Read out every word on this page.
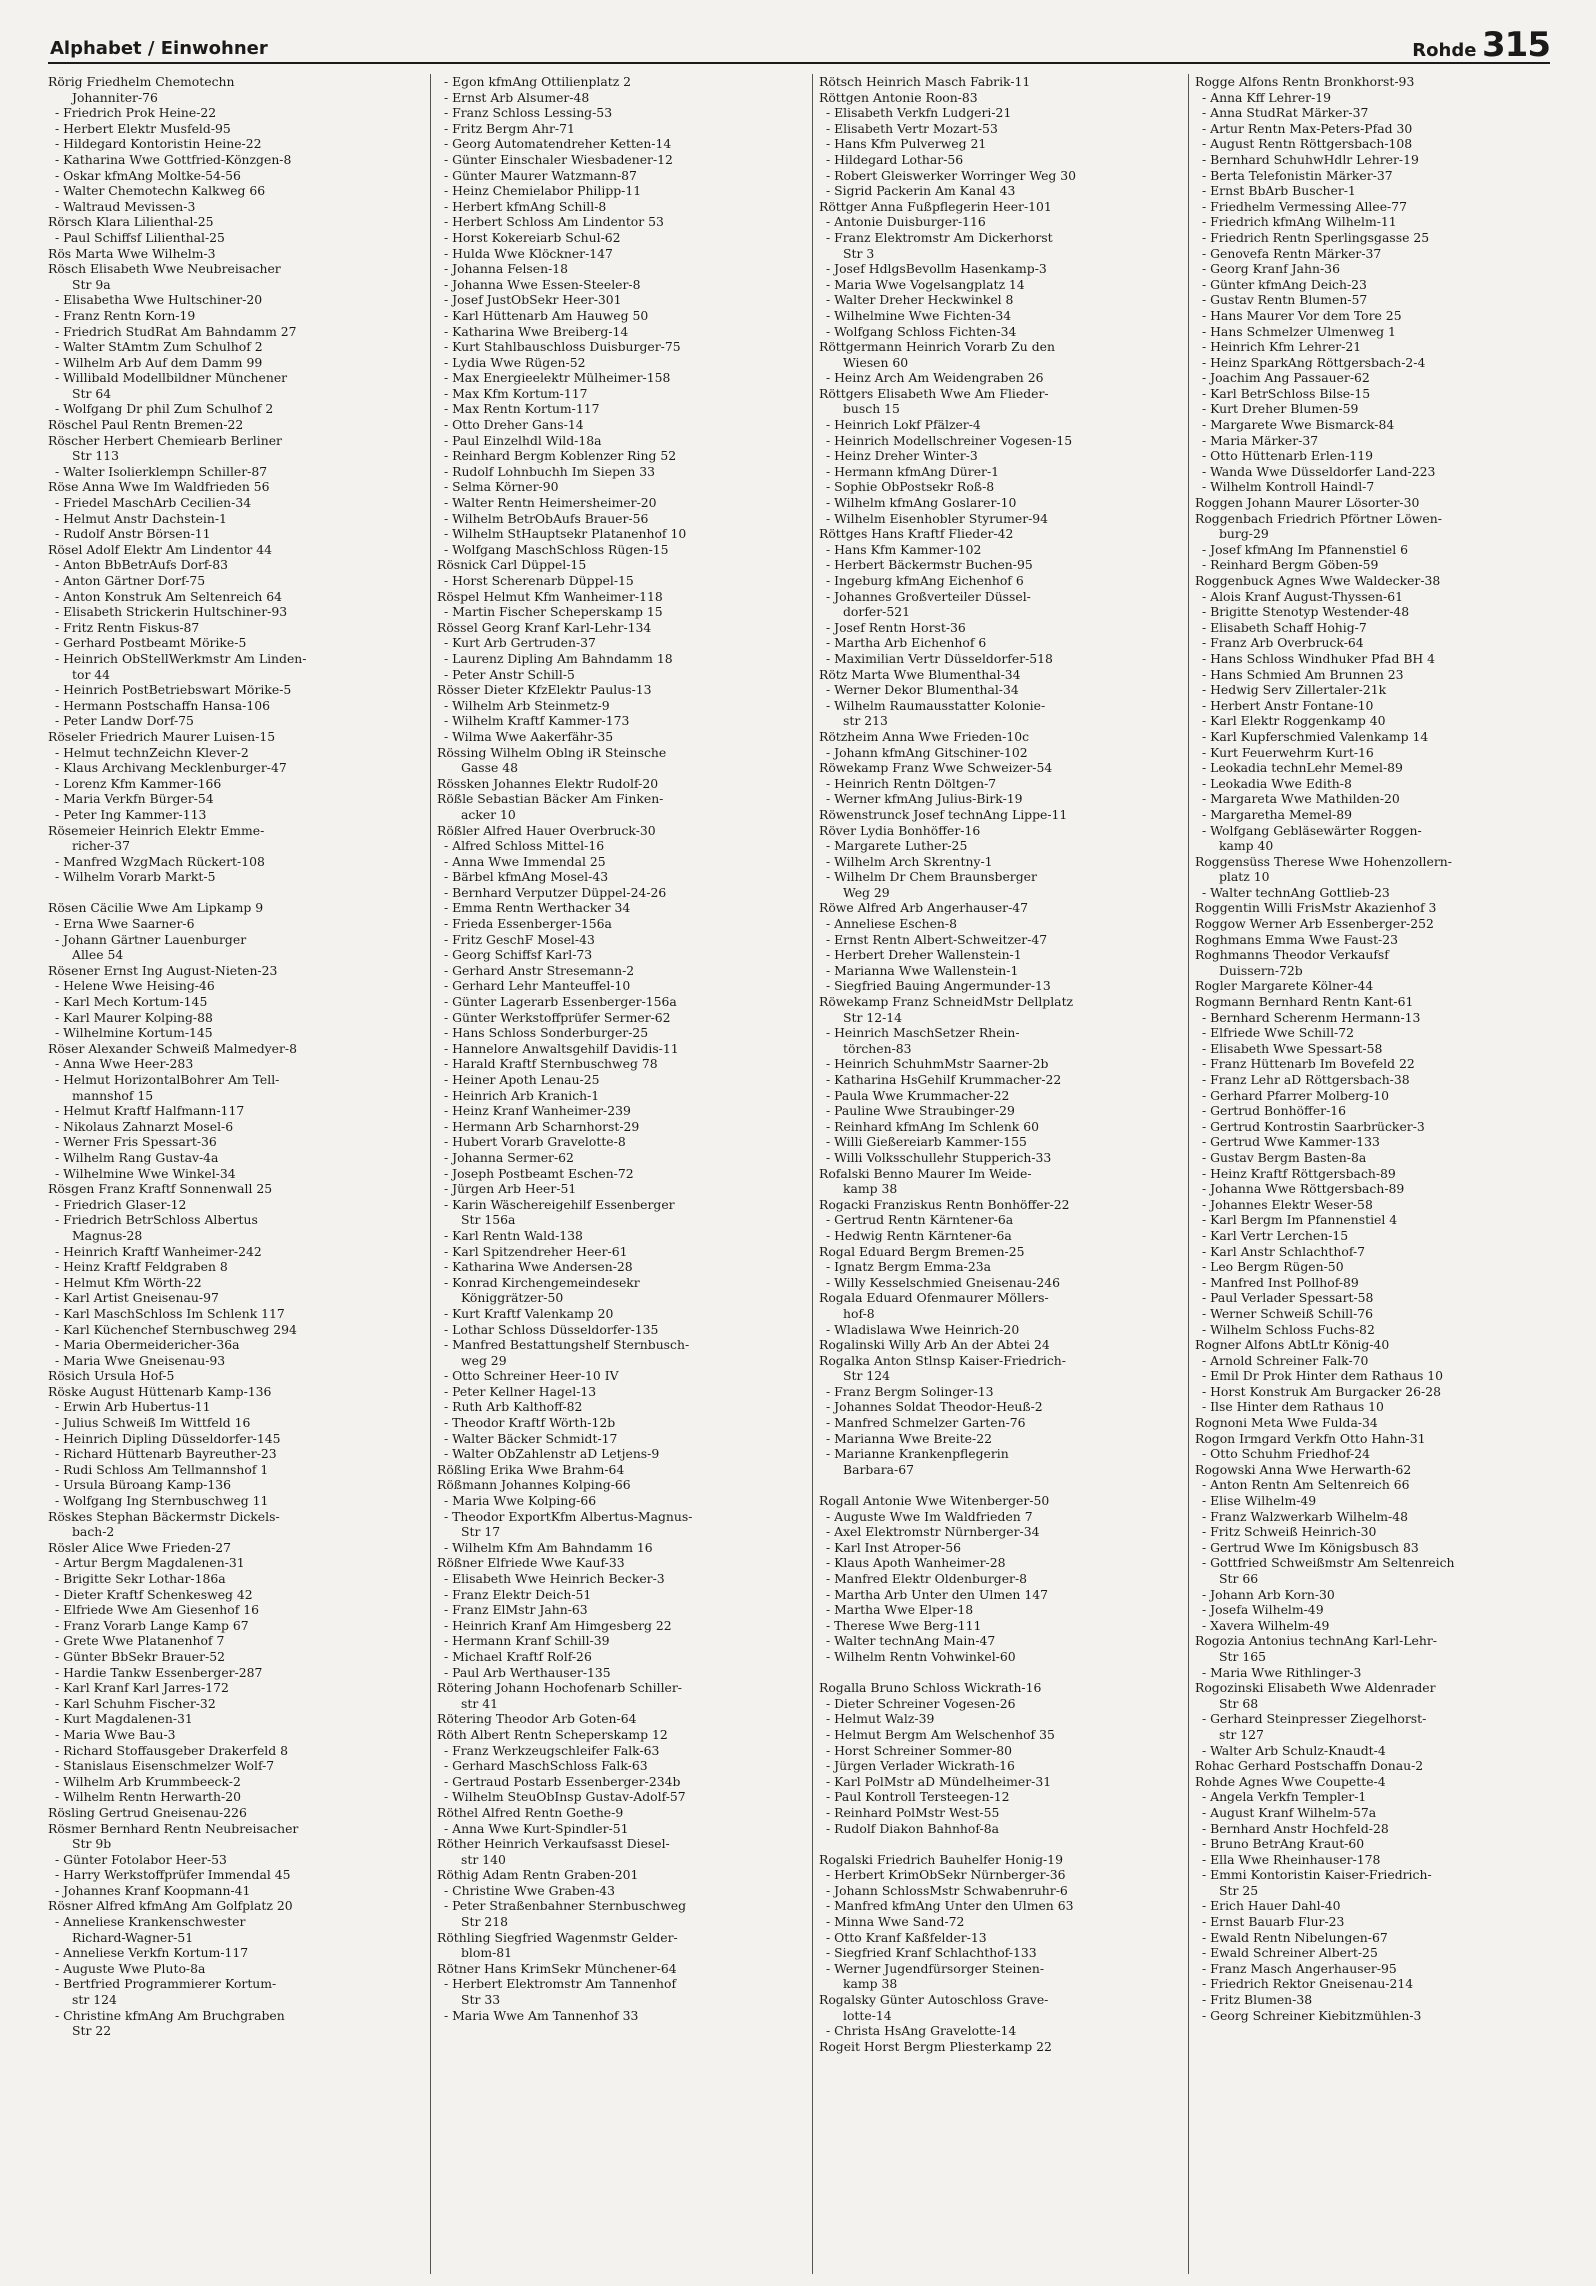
Alphabet / Einwohner	Rohde 315
Rörig Friedhelm Chemotechn
Johanniter-76
- Friedrich Prok Heine-22
- Herbert Elektr Musfeld-95
- Hildegard Kontoristin Heine-22
- Katharina Wwe Gottfried-Könzgen-8
- Oskar kfmAng Moltke-54-56
- Walter Chemotechn Kalkweg 66
- Waltraud Mevissen-3
Rörsch Klara Lilienthal-25
- Paul Schiffsf Lilienthal-25
Rös Marta Wwe Wilhelm-3
Rösch Elisabeth Wwe Neubreisacher
Str 9a
- Elisabetha Wwe Hultschiner-20
- Franz Rentn Korn-19
- Friedrich StudRat Am Bahndamm 27
- Walter StAmtm Zum Schulhof 2
- Wilhelm Arb Auf dem Damm 99
- Willibald Modellbildner Münchener
Str 64
- Wolfgang Dr phil Zum Schulhof 2
Röschel Paul Rentn Bremen-22
Röscher Herbert Chemiearb Berliner
Str 113
- Walter Isolierklempn Schiller-87
Röse Anna Wwe Im Waldfrieden 56
- Friedel MaschArb Cecilien-34
- Helmut Anstr Dachstein-1
- Rudolf Anstr Börsen-11
Rösel Adolf Elektr Am Lindentor 44
- Anton BbBetrAufs Dorf-83
- Anton Gärtner Dorf-75
- Anton Konstruk Am Seltenreich 64
- Elisabeth Strickerin Hultschiner-93
- Fritz Rentn Fiskus-87
- Gerhard Postbeamt Mörike-5
- Heinrich ObStellWerkmstr Am Linden-
tor 44
- Heinrich PostBetriebswart Mörike-5
- Hermann Postschaffn Hansa-106
- Peter Landw Dorf-75
Röseler Friedrich Maurer Luisen-15
- Helmut technZeichn Klever-2
- Klaus Archivang Mecklenburger-47
- Lorenz Kfm Kammer-166
- Maria Verkfn Bürger-54
- Peter Ing Kammer-113
Rösemeier Heinrich Elektr Emme-
richer-37
- Manfred WzgMach Rückert-108
- Wilhelm Vorarb Markt-5

Rösen Cäcilie Wwe Am Lipkamp 9
- Erna Wwe Saarner-6
- Johann Gärtner Lauenburger
Allee 54
Rösener Ernst Ing August-Nieten-23
- Helene Wwe Heising-46
- Karl Mech Kortum-145
- Karl Maurer Kolping-88
- Wilhelmine Kortum-145
Röser Alexander Schweiß Malmedyer-8
- Anna Wwe Heer-283
- Helmut HorizontalBohrer Am Tell-
mannshof 15
- Helmut Kraftf Halfmann-117
- Nikolaus Zahnarzt Mosel-6
- Werner Fris Spessart-36
- Wilhelm Rang Gustav-4a
- Wilhelmine Wwe Winkel-34
Rösgen Franz Kraftf Sonnenwall 25
- Friedrich Glaser-12
- Friedrich BetrSchloss Albertus
Magnus-28
- Heinrich Kraftf Wanheimer-242
- Heinz Kraftf Feldgraben 8
- Helmut Kfm Wörth-22
- Karl Artist Gneisenau-97
- Karl MaschSchloss Im Schlenk 117
- Karl Küchenchef Sternbuschweg 294
- Maria Obermeidericher-36a
- Maria Wwe Gneisenau-93
Rösich Ursula Hof-5
Röske August Hüttenarb Kamp-136
- Erwin Arb Hubertus-11
- Julius Schweiß Im Wittfeld 16
- Heinrich Dipling Düsseldorfer-145
- Richard Hüttenarb Bayreuther-23
- Rudi Schloss Am Tellmannshof 1
- Ursula Büroang Kamp-136
- Wolfgang Ing Sternbuschweg 11
Röskes Stephan Bäckermstr Dickels-
bach-2
Rösler Alice Wwe Frieden-27
- Artur Bergm Magdalenen-31
- Brigitte Sekr Lothar-186a
- Dieter Kraftf Schenkesweg 42
- Elfriede Wwe Am Giesenhof 16
- Franz Vorarb Lange Kamp 67
- Grete Wwe Platanenhof 7
- Günter BbSekr Brauer-52
- Hardie Tankw Essenberger-287
- Karl Kranf Karl Jarres-172
- Karl Schuhm Fischer-32
- Kurt Magdalenen-31
- Maria Wwe Bau-3
- Richard Stoffausgeber Drakerfeld 8
- Stanislaus Eisenschmelzer Wolf-7
- Wilhelm Arb Krummbeeck-2
- Wilhelm Rentn Herwarth-20
Rösling Gertrud Gneisenau-226
Rösmer Bernhard Rentn Neubreisacher
Str 9b
- Günter Fotolabor Heer-53
- Harry Werkstoffprüfer Immendal 45
- Johannes Kranf Koopmann-41
Rösner Alfred kfmAng Am Golfplatz 20
- Anneliese Krankenschwester
Richard-Wagner-51
- Anneliese Verkfn Kortum-117
- Auguste Wwe Pluto-8a
- Bertfried Programmierer Kortum-
str 124
- Christine kfmAng Am Bruchgraben
Str 22
- Egon kfmAng Ottilienplatz 2
- Ernst Arb Alsumer-48
- Franz Schloss Lessing-53
- Fritz Bergm Ahr-71
- Georg Automatendreher Ketten-14
- Günter Einschaler Wiesbadener-12
- Günter Maurer Watzmann-87
- Heinz Chemielabor Philipp-11
- Herbert kfmAng Schill-8
- Herbert Schloss Am Lindentor 53
- Horst Kokereiarb Schul-62
- Hulda Wwe Klöckner-147
- Johanna Felsen-18
- Johanna Wwe Essen-Steeler-8
- Josef JustObSekr Heer-301
- Karl Hüttenarb Am Hauweg 50
- Katharina Wwe Breiberg-14
- Kurt Stahlbauschloss Duisburger-75
- Lydia Wwe Rügen-52
- Max Energieelektr Mülheimer-158
- Max Kfm Kortum-117
- Max Rentn Kortum-117
- Otto Dreher Gans-14
- Paul Einzelhdl Wild-18a
- Reinhard Bergm Koblenzer Ring 52
- Rudolf Lohnbuchh Im Siepen 33
- Selma Körner-90
- Walter Rentn Heimersheimer-20
- Wilhelm BetrObAufs Brauer-56
- Wilhelm StHauptsekr Platanenhof 10
- Wolfgang MaschSchloss Rügen-15
Rösnick Carl Düppel-15
- Horst Scherenarb Düppel-15
Röspel Helmut Kfm Wanheimer-118
- Martin Fischer Scheperskamp 15
Rössel Georg Kranf Karl-Lehr-134
- Kurt Arb Gertruden-37
- Laurenz Dipling Am Bahndamm 18
- Peter Anstr Schill-5
Rösser Dieter KfzElektr Paulus-13
- Wilhelm Arb Steinmetz-9
- Wilhelm Kraftf Kammer-173
- Wilma Wwe Aakerfähr-35
Rössing Wilhelm Oblng iR Steinsche
Gasse 48
Rössken Johannes Elektr Rudolf-20
Rößle Sebastian Bäcker Am Finken-
acker 10
Rößler Alfred Hauer Overbruck-30
- Alfred Schloss Mittel-16
- Anna Wwe Immendal 25
- Bärbel kfmAng Mosel-43
- Bernhard Verputzer Düppel-24-26
- Emma Rentn Werthacker 34
- Frieda Essenberger-156a
- Fritz GeschF Mosel-43
- Georg Schiffsf Karl-73
- Gerhard Anstr Stresemann-2
- Gerhard Lehr Manteuffel-10
- Günter Lagerarb Essenberger-156a
- Günter Werkstoffprüfer Sermer-62
- Hans Schloss Sonderburger-25
- Hannelore Anwaltsgehilf Davidis-11
- Harald Kraftf Sternbuschweg 78
- Heiner Apoth Lenau-25
- Heinrich Arb Kranich-1
- Heinz Kranf Wanheimer-239
- Hermann Arb Scharnhorst-29
- Hubert Vorarb Gravelotte-8
- Johanna Sermer-62
- Joseph Postbeamt Eschen-72
- Jürgen Arb Heer-51
- Karin Wäschereigehilf Essenberger
Str 156a
- Karl Rentn Wald-138
- Karl Spitzendreher Heer-61
- Katharina Wwe Andersen-28
- Konrad Kirchengemeindesekr
Königgrätzer-50
- Kurt Kraftf Valenkamp 20
- Lothar Schloss Düsseldorfer-135
- Manfred Bestattungshelf Sternbusch-
weg 29
- Otto Schreiner Heer-10 IV
- Peter Kellner Hagel-13
- Ruth Arb Kalthoff-82
- Theodor Kraftf Wörth-12b
- Walter Bäcker Schmidt-17
- Walter ObZahlenstr aD Letjens-9
Rößling Erika Wwe Brahm-64
Rößmann Johannes Kolping-66
- Maria Wwe Kolping-66
- Theodor ExportKfm Albertus-Magnus-
Str 17
- Wilhelm Kfm Am Bahndamm 16
Rößner Elfriede Wwe Kauf-33
- Elisabeth Wwe Heinrich Becker-3
- Franz Elektr Deich-51
- Franz ElMstr Jahn-63
- Heinrich Kranf Am Himgesberg 22
- Hermann Kranf Schill-39
- Michael Kraftf Rolf-26
- Paul Arb Werthauser-135
Rötering Johann Hochofenarb Schiller-
str 41
Rötering Theodor Arb Goten-64
Röth Albert Rentn Scheperskamp 12
- Franz Werkzeugschleifer Falk-63
- Gerhard MaschSchloss Falk-63
- Gertraud Postarb Essenberger-234b
- Wilhelm SteuObInsp Gustav-Adolf-57
Röthel Alfred Rentn Goethe-9
- Anna Wwe Kurt-Spindler-51
Röther Heinrich Verkaufsasst Diesel-
str 140
Röthig Adam Rentn Graben-201
- Christine Wwe Graben-43
- Peter Straßenbahner Sternbuschweg
Str 218
Röthling Siegfried Wagenmstr Gelder-
blom-81
Rötner Hans KrimSekr Münchener-64
- Herbert Elektromstr Am Tannenhof
Str 33
- Maria Wwe Am Tannenhof 33
Rötsch Heinrich Masch Fabrik-11
Röttgen Antonie Roon-83
- Elisabeth Verkfn Ludgeri-21
- Elisabeth Vertr Mozart-53
- Hans Kfm Pulverweg 21
- Hildegard Lothar-56
- Robert Gleiswerker Worringer Weg 30
- Sigrid Packerin Am Kanal 43
Röttger Anna Fußpflegerin Heer-101
- Antonie Duisburger-116
- Franz Elektromstr Am Dickerhorst
Str 3
- Josef HdlgsBevollm Hasenkamp-3
- Maria Wwe Vogelsangplatz 14
- Walter Dreher Heckwinkel 8
- Wilhelmine Wwe Fichten-34
- Wolfgang Schloss Fichten-34
Röttgermann Heinrich Vorarb Zu den
Wiesen 60
- Heinz Arch Am Weidengraben 26
Röttgers Elisabeth Wwe Am Flieder-
busch 15
- Heinrich Lokf Pfälzer-4
- Heinrich Modellschreiner Vogesen-15
- Heinz Dreher Winter-3
- Hermann kfmAng Dürer-1
- Sophie ObPostsekr Roß-8
- Wilhelm kfmAng Goslarer-10
- Wilhelm Eisenhobler Styrumer-94
Röttges Hans Kraftf Flieder-42
- Hans Kfm Kammer-102
- Herbert Bäckermstr Buchen-95
- Ingeburg kfmAng Eichenhof 6
- Johannes Großverteiler Düssel-
dorfer-521
- Josef Rentn Horst-36
- Martha Arb Eichenhof 6
- Maximilian Vertr Düsseldorfer-518
Rötz Marta Wwe Blumenthal-34
- Werner Dekor Blumenthal-34
- Wilhelm Raumausstatter Kolonie-
str 213
Rötzheim Anna Wwe Frieden-10c
- Johann kfmAng Gitschiner-102
Röwekamp Franz Wwe Schweizer-54
- Heinrich Rentn Döltgen-7
- Werner kfmAng Julius-Birk-19
Röwenstrunck Josef technAng Lippe-11
Röver Lydia Bonhöffer-16
- Margarete Luther-25
- Wilhelm Arch Skrentny-1
- Wilhelm Dr Chem Braunsberger
Weg 29
Röwe Alfred Arb Angerhauser-47
- Anneliese Eschen-8
- Ernst Rentn Albert-Schweitzer-47
- Herbert Dreher Wallenstein-1
- Marianna Wwe Wallenstein-1
- Siegfried Bauing Angermunder-13
Röwekamp Franz SchneidMstr Dellplatz
Str 12-14
- Heinrich MaschSetzer Rhein-
törchen-83
- Heinrich SchuhmMstr Saarner-2b
- Katharina HsGehilf Krummacher-22
- Paula Wwe Krummacher-22
- Pauline Wwe Straubinger-29
- Reinhard kfmAng Im Schlenk 60
- Willi Gießereiarb Kammer-155
- Willi Volksschullehr Stupperich-33
Rofalski Benno Maurer Im Weide-
kamp 38
Rogacki Franziskus Rentn Bonhöffer-22
- Gertrud Rentn Kärntener-6a
- Hedwig Rentn Kärntener-6a
Rogal Eduard Bergm Bremen-25
- Ignatz Bergm Emma-23a
- Willy Kesselschmied Gneisenau-246
Rogala Eduard Ofenmaurer Möllers-
hof-8
- Wladislawa Wwe Heinrich-20
Rogalinski Willy Arb An der Abtei 24
Rogalka Anton Stlnsp Kaiser-Friedrich-
Str 124
- Franz Bergm Solinger-13
- Johannes Soldat Theodor-Heuß-2
- Manfred Schmelzer Garten-76
- Marianna Wwe Breite-22
- Marianne Krankenpflegerin
Barbara-67

Rogall Antonie Wwe Witenberger-50
- Auguste Wwe Im Waldfrieden 7
- Axel Elektromstr Nürnberger-34
- Karl Inst Atroper-56
- Klaus Apoth Wanheimer-28
- Manfred Elektr Oldenburger-8
- Martha Arb Unter den Ulmen 147
- Martha Wwe Elper-18
- Therese Wwe Berg-111
- Walter technAng Main-47
- Wilhelm Rentn Vohwinkel-60

Rogalla Bruno Schloss Wickrath-16
- Dieter Schreiner Vogesen-26
- Helmut Walz-39
- Helmut Bergm Am Welschenhof 35
- Horst Schreiner Sommer-80
- Jürgen Verlader Wickrath-16
- Karl PolMstr aD Mündelheimer-31
- Paul Kontroll Tersteegen-12
- Reinhard PolMstr West-55
- Rudolf Diakon Bahnhof-8a

Rogalski Friedrich Bauhelfer Honig-19
- Herbert KrimObSekr Nürnberger-36
- Johann SchlossMstr Schwabenruhr-6
- Manfred kfmAng Unter den Ulmen 63
- Minna Wwe Sand-72
- Otto Kranf Kaßfelder-13
- Siegfried Kranf Schlachthof-133
- Werner Jugendfürsorger Steinen-
kamp 38
Rogalsky Günter Autoschloss Grave-
lotte-14
- Christa HsAng Gravelotte-14
Rogeit Horst Bergm Pliesterkamp 22
Rogge Alfons Rentn Bronkhorst-93
- Anna Kff Lehrer-19
- Anna StudRat Märker-37
- Artur Rentn Max-Peters-Pfad 30
- August Rentn Röttgersbach-108
- Bernhard SchuhwHdlr Lehrer-19
- Berta Telefonistin Märker-37
- Ernst BbArb Buscher-1
- Friedhelm Vermessing Allee-77
- Friedrich kfmAng Wilhelm-11
- Friedrich Rentn Sperlingsgasse 25
- Genovefa Rentn Märker-37
- Georg Kranf Jahn-36
- Günter kfmAng Deich-23
- Gustav Rentn Blumen-57
- Hans Maurer Vor dem Tore 25
- Hans Schmelzer Ulmenweg 1
- Heinrich Kfm Lehrer-21
- Heinz SparkAng Röttgersbach-2-4
- Joachim Ang Passauer-62
- Karl BetrSchloss Bilse-15
- Kurt Dreher Blumen-59
- Margarete Wwe Bismarck-84
- Maria Märker-37
- Otto Hüttenarb Erlen-119
- Wanda Wwe Düsseldorfer Land-223
- Wilhelm Kontroll Haindl-7
Roggen Johann Maurer Lösorter-30
Roggenbach Friedrich Pförtner Löwen-
burg-29
- Josef kfmAng Im Pfannenstiel 6
- Reinhard Bergm Göben-59
Roggenbuck Agnes Wwe Waldecker-38
- Alois Kranf August-Thyssen-61
- Brigitte Stenotyp Westender-48
- Elisabeth Schaff Hohig-7
- Franz Arb Overbruck-64
- Hans Schloss Windhuker Pfad BH 4
- Hans Schmied Am Brunnen 23
- Hedwig Serv Zillertaler-21k
- Herbert Anstr Fontane-10
- Karl Elektr Roggenkamp 40
- Karl Kupferschmied Valenkamp 14
- Kurt Feuerwehrm Kurt-16
- Leokadia technLehr Memel-89
- Leokadia Wwe Edith-8
- Margareta Wwe Mathilden-20
- Margaretha Memel-89
- Wolfgang Gebläsewärter Roggen-
kamp 40
Roggensüss Therese Wwe Hohenzollern-
platz 10
- Walter technAng Gottlieb-23
Roggentin Willi FrisMstr Akazienhof 3
Roggow Werner Arb Essenberger-252
Roghmans Emma Wwe Faust-23
Roghmanns Theodor Verkaufsf
Duissern-72b
Rogler Margarete Kölner-44
Rogmann Bernhard Rentn Kant-61
- Bernhard Scherenm Hermann-13
- Elfriede Wwe Schill-72
- Elisabeth Wwe Spessart-58
- Franz Hüttenarb Im Bovefeld 22
- Franz Lehr aD Röttgersbach-38
- Gerhard Pfarrer Molberg-10
- Gertrud Bonhöffer-16
- Gertrud Kontrostin Saarbrücker-3
- Gertrud Wwe Kammer-133
- Gustav Bergm Basten-8a
- Heinz Kraftf Röttgersbach-89
- Johanna Wwe Röttgersbach-89
- Johannes Elektr Weser-58
- Karl Bergm Im Pfannenstiel 4
- Karl Vertr Lerchen-15
- Karl Anstr Schlachthof-7
- Leo Bergm Rügen-50
- Manfred Inst Pollhof-89
- Paul Verlader Spessart-58
- Werner Schweiß Schill-76
- Wilhelm Schloss Fuchs-82
Rogner Alfons AbtLtr König-40
- Arnold Schreiner Falk-70
- Emil Dr Prok Hinter dem Rathaus 10
- Horst Konstruk Am Burgacker 26-28
- Ilse Hinter dem Rathaus 10
Rognoni Meta Wwe Fulda-34
Rogon Irmgard Verkfn Otto Hahn-31
- Otto Schuhm Friedhof-24
Rogowski Anna Wwe Herwarth-62
- Anton Rentn Am Seltenreich 66
- Elise Wilhelm-49
- Franz Walzwerkarb Wilhelm-48
- Fritz Schweiß Heinrich-30
- Gertrud Wwe Im Königsbusch 83
- Gottfried Schweißmstr Am Seltenreich
Str 66
- Johann Arb Korn-30
- Josefa Wilhelm-49
- Xavera Wilhelm-49
Rogozia Antonius technAng Karl-Lehr-
Str 165
- Maria Wwe Rithlinger-3
Rogozinski Elisabeth Wwe Aldenrader
Str 68
- Gerhard Steinpresser Ziegelhorst-
str 127
- Walter Arb Schulz-Knaudt-4
Rohac Gerhard Postschaffn Donau-2
Rohde Agnes Wwe Coupette-4
- Angela Verkfn Templer-1
- August Kranf Wilhelm-57a
- Bernhard Anstr Hochfeld-28
- Bruno BetrAng Kraut-60
- Ella Wwe Rheinhauser-178
- Emmi Kontoristin Kaiser-Friedrich-
Str 25
- Erich Hauer Dahl-40
- Ernst Bauarb Flur-23
- Ewald Rentn Nibelungen-67
- Ewald Schreiner Albert-25
- Franz Masch Angerhauser-95
- Friedrich Rektor Gneisenau-214
- Fritz Blumen-38
- Georg Schreiner Kiebitzmühlen-3
